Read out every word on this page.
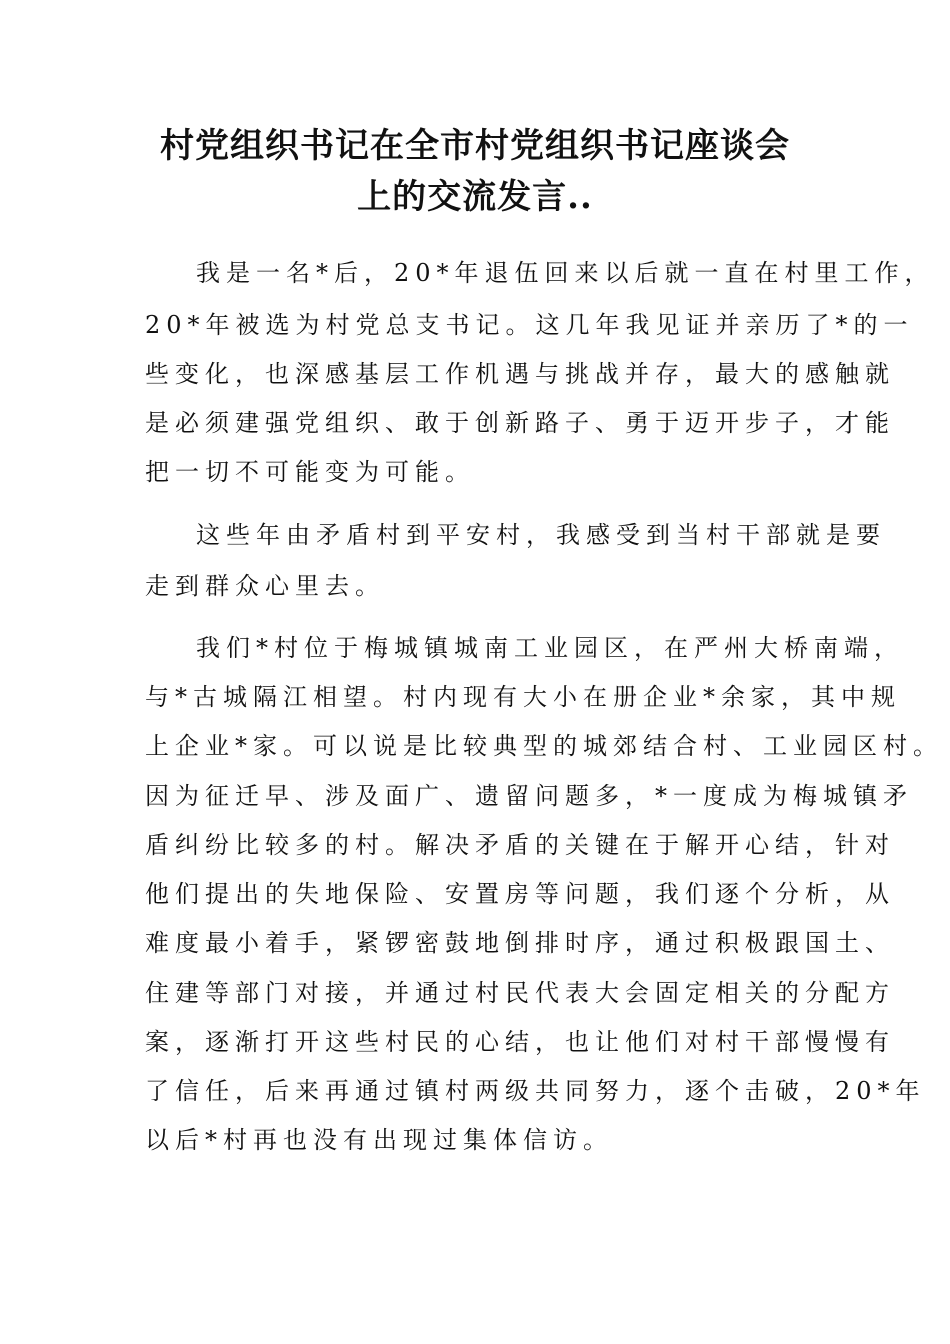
村党组织书记在全市村党组织书记座谈会
上的交流发言..

我是一名*后，20*年退伍回来以后就一直在村里工作，

20*年被选为村党总支书记。这几年我见证并亲历了*的一

些变化，也深感基层工作机遇与挑战并存，最大的感触就

是必须建强党组织、敢于创新路子、勇于迈开步子，才能

把一切不可能变为可能。

这些年由矛盾村到平安村，我感受到当村干部就是要

走到群众心里去。

我们*村位于梅城镇城南工业园区，在严州大桥南端，

与*古城隔江相望。村内现有大小在册企业*余家，其中规

上企业*家。可以说是比较典型的城郊结合村、工业园区村。

因为征迁早、涉及面广、遗留问题多，*一度成为梅城镇矛

盾纠纷比较多的村。解决矛盾的关键在于解开心结，针对

他们提出的失地保险、安置房等问题，我们逐个分析，从

难度最小着手，紧锣密鼓地倒排时序，通过积极跟国土、

住建等部门对接，并通过村民代表大会固定相关的分配方

案，逐渐打开这些村民的心结，也让他们对村干部慢慢有

了信任，后来再通过镇村两级共同努力，逐个击破，20*年

以后*村再也没有出现过集体信访。
